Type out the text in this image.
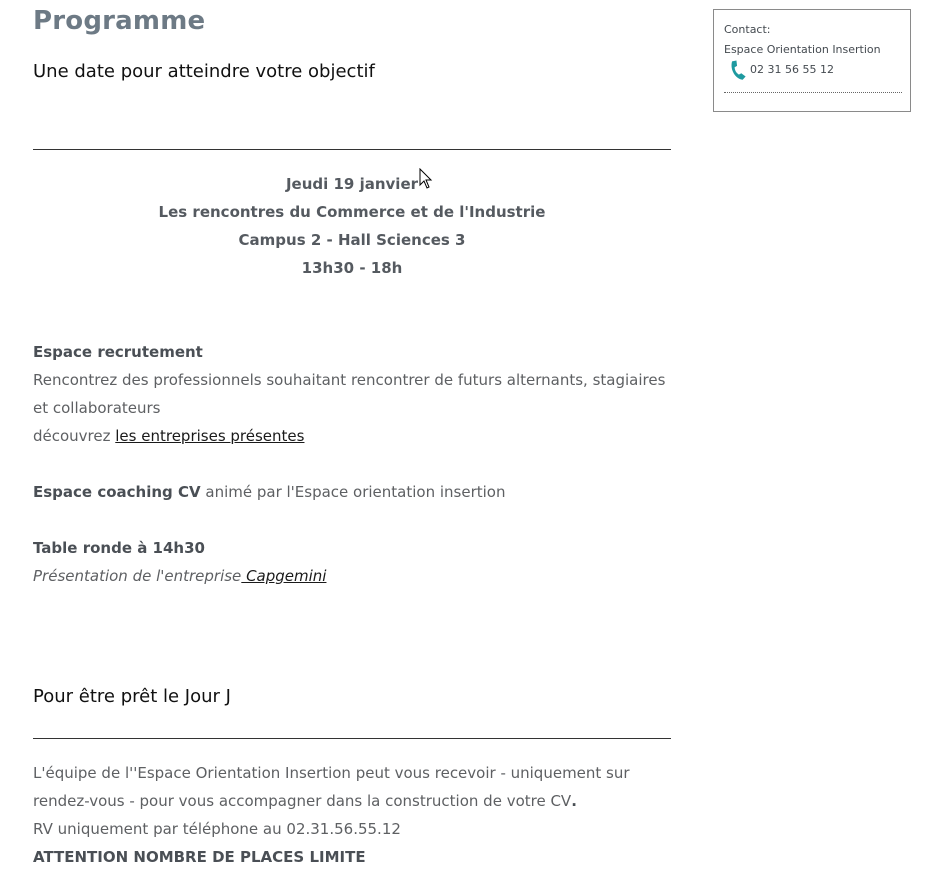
Programme
Une date pour atteindre votre objectif
Jeudi 19 janvier
Les rencontres du Commerce et de l'Industrie
Campus 2 - Hall Sciences 3
13h30 - 18h
Espace recrutement
Rencontrez des professionnels souhaitant rencontrer de futurs alternants, stagiaires et collaborateurs
découvrez les entreprises présentes
Espace coaching CV animé par l'Espace orientation insertion
Table ronde à 14h30
Présentation de l'entreprise Capgemini
Pour être prêt le Jour J
L'équipe de l''Espace Orientation Insertion peut vous recevoir - uniquement sur rendez-vous - pour vous accompagner dans la construction de votre CV.
RV uniquement par téléphone au 02.31.56.55.12
ATTENTION NOMBRE DE PLACES LIMITE
Contact:
Espace Orientation Insertion
02 31 56 55 12
